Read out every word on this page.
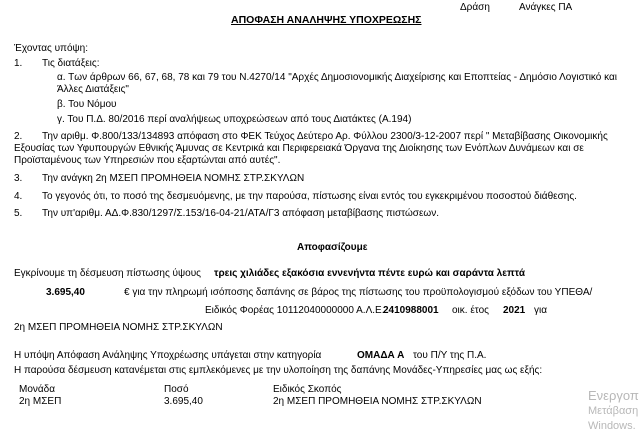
ΑΠΟΦΑΣΗ ΑΝΑΛΗΨΗΣ ΥΠΟΧΡΕΩΣΗΣ
Δράση	Ανάγκες ΠΑ
Έχοντας υπόψη:
1. Τις διατάξεις:
α. Των άρθρων 66, 67, 68, 78 και 79 του Ν.4270/14 "Αρχές Δημοσιονομικής Διαχείρισης και Εποπτείας - Δημόσιο Λογιστικό και
Άλλες Διατάξεις"
β. Του Νόμου
γ. Του Π.Δ. 80/2016 περί αναλήψεως υποχρεώσεων από τους Διατάκτες (Α.194)
2. Την αριθμ. Φ.800/133/134893 απόφαση στο ΦΕΚ Τεύχος Δεύτερο Αρ. Φύλλου 2300/3-12-2007 περί " Μεταβίβασης Οικονομικής
Εξουσίας των Υφυπουργών Εθνικής Άμυνας σε Κεντρικά και Περιφερειακά Όργανα της Διοίκησης των Ενόπλων Δυνάμεων και σε
Προϊσταμένους των Υπηρεσιών που εξαρτώνται από αυτές".
3. Την ανάγκη 2η ΜΣΕΠ ΠΡΟΜΗΘΕΙΑ ΝΟΜΗΣ ΣΤΡ.ΣΚΥΛΩΝ
4. Το γεγονός ότι, το ποσό της δεσμευόμενης, με την παρούσα, πίστωσης είναι εντός του εγκεκριμένου ποσοστού διάθεσης.
5. Την υπ'αριθμ. ΑΔ.Φ.830/1297/Σ.153/16-04-21/ΑΤΑ/Γ3 απόφαση μεταβίβασης πιστώσεων.
Αποφασίζουμε
Εγκρίνουμε τη δέσμευση πίστωσης ύψους τρεις χιλιάδες εξακόσια εννενήντα πέντε ευρώ και σαράντα λεπτά
3.695,40	€ για την πληρωμή ισόποσης δαπάνης σε βάρος της πίστωσης του προϋπολογισμού εξόδων του ΥΠΕΘΑ/
Ειδικός Φορέας 10112040000000 Α.Λ.Ε.
2410988001 οικ. έτος 2021 για
2η ΜΣΕΠ ΠΡΟΜΗΘΕΙΑ ΝΟΜΗΣ ΣΤΡ.ΣΚΥΛΩΝ
Η υπόψη Απόφαση Ανάληψης Υποχρέωσης υπάγεται στην κατηγορία	ΟΜΑΔΑ Α του Π/Υ της Π.Α.
Η παρούσα δέσμευση κατανέμεται στις εμπλεκόμενες με την υλοποίηση της δαπάνης Μονάδες-Υπηρεσίες μας ως εξής:
Μονάδα	Ποσό	Ειδικός Σκοπός
2η ΜΣΕΠ	3.695,40	2η ΜΣΕΠ ΠΡΟΜΗΘΕΙΑ ΝΟΜΗΣ ΣΤΡ.ΣΚΥΛΩΝ	Ενεργοπ
Μετάβαση
Windows.
